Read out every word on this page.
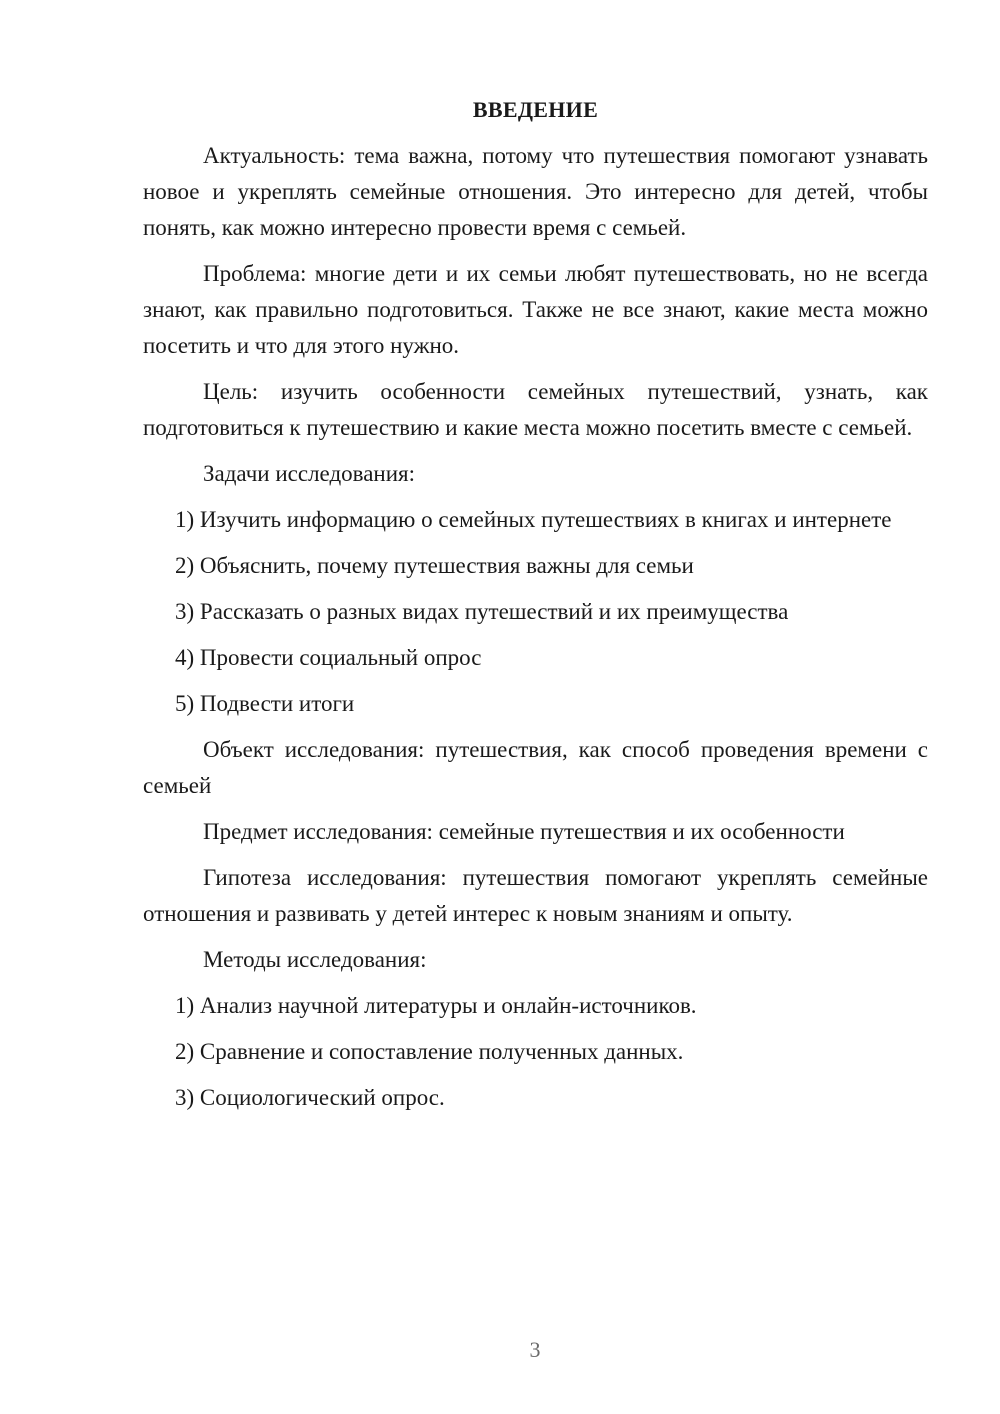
ВВЕДЕНИЕ

Актуальность: тема важна, потому что путешествия помогают узнавать новое и укреплять семейные отношения. Это интересно для детей, чтобы понять, как можно интересно провести время с семьей.

Проблема: многие дети и их семьи любят путешествовать, но не всегда знают, как правильно подготовиться. Также не все знают, какие места можно посетить и что для этого нужно.

Цель: изучить особенности семейных путешествий, узнать, как подготовиться к путешествию и какие места можно посетить вместе с семьей.

Задачи исследования:

1) Изучить информацию о семейных путешествиях в книгах и интернете

2) Объяснить, почему путешествия важны для семьи

3) Рассказать о разных видах путешествий и их преимущества

4) Провести социальный опрос

5) Подвести итоги

Объект исследования: путешествия, как способ проведения времени с семьей

Предмет исследования: семейные путешествия и их особенности

Гипотеза исследования: путешествия помогают укреплять семейные отношения и развивать у детей интерес к новым знаниям и опыту.

Методы исследования:

1) Анализ научной литературы и онлайн-источников.

2) Сравнение и сопоставление полученных данных.

3) Социологический опрос.

3
